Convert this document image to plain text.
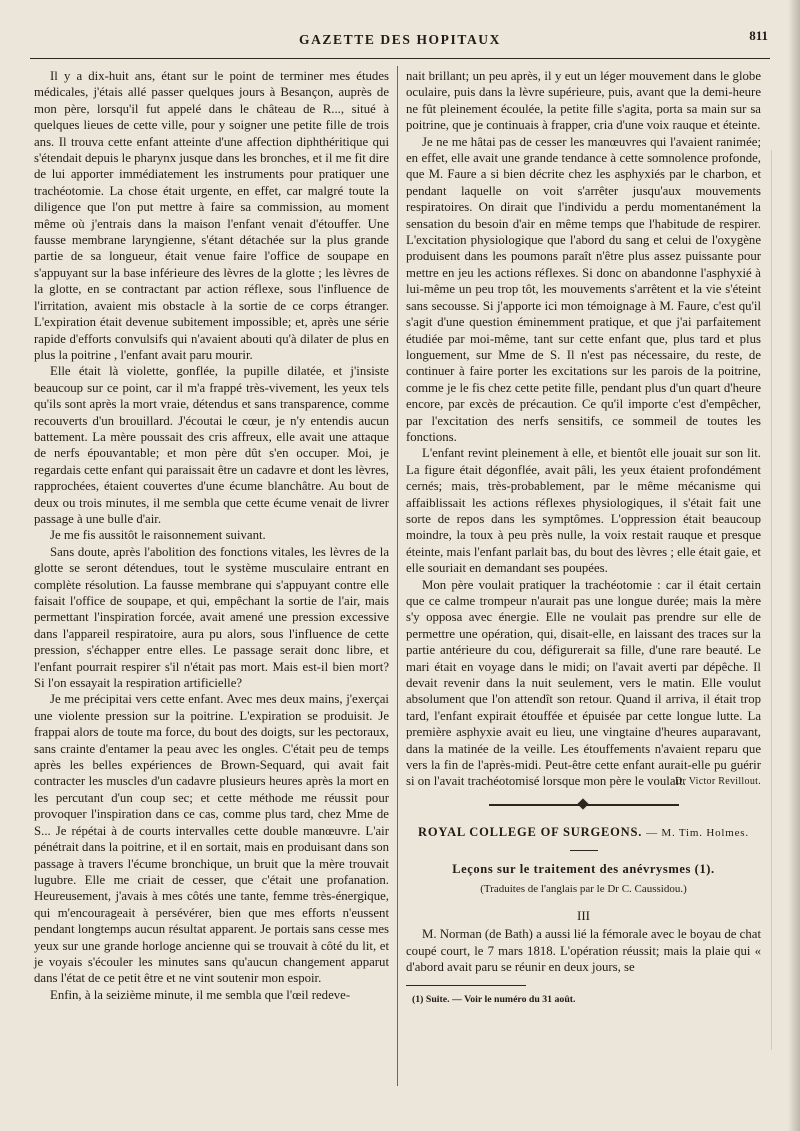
GAZETTE DES HOPITAUX	811

Il y a dix-huit ans, étant sur le point de terminer mes études médicales, j'étais allé passer quelques jours à Besançon, auprès de mon père, lorsqu'il fut appelé dans le château de R..., situé à quelques lieues de cette ville, pour y soigner une petite fille de trois ans. Il trouva cette enfant atteinte d'une affection diphthéritique qui s'étendait depuis le pharynx jusque dans les bronches, et il me fit dire de lui apporter immédiatement les instruments pour pratiquer une trachéotomie. La chose était urgente, en effet, car malgré toute la diligence que l'on put mettre à faire sa commission, au moment même où j'entrais dans la maison l'enfant venait d'étouffer. Une fausse membrane laryngienne, s'étant détachée sur la plus grande partie de sa longueur, était venue faire l'office de soupape en s'appuyant sur la base inférieure des lèvres de la glotte ; les lèvres de la glotte, en se contractant par action réflexe, sous l'influence de l'irritation, avaient mis obstacle à la sortie de ce corps étranger. L'expiration était devenue subitement impossible; et, après une série rapide d'efforts convulsifs qui n'avaient abouti qu'à dilater de plus en plus la poitrine , l'enfant avait paru mourir.

Elle était là violette, gonflée, la pupille dilatée, et j'insiste beaucoup sur ce point, car il m'a frappé très-vivement, les yeux tels qu'ils sont après la mort vraie, détendus et sans transparence, comme recouverts d'un brouillard. J'écoutai le cœur, je n'y entendis aucun battement. La mère poussait des cris affreux, elle avait une attaque de nerfs épouvantable; et mon père dût s'en occuper. Moi, je regardais cette enfant qui paraissait être un cadavre et dont les lèvres, rapprochées, étaient couvertes d'une écume blanchâtre. Au bout de deux ou trois minutes, il me sembla que cette écume venait de livrer passage à une bulle d'air.

Je me fis aussitôt le raisonnement suivant.

Sans doute, après l'abolition des fonctions vitales, les lèvres de la glotte se seront détendues, tout le système musculaire entrant en complète résolution. La fausse membrane qui s'appuyant contre elle faisait l'office de soupape, et qui, empêchant la sortie de l'air, mais permettant l'inspiration forcée, avait amené une pression excessive dans l'appareil respiratoire, aura pu alors, sous l'influence de cette pression, s'échapper entre elles. Le passage serait donc libre, et l'enfant pourrait respirer s'il n'était pas mort. Mais est-il bien mort? Si l'on essayait la respiration artificielle?

Je me précipitai vers cette enfant. Avec mes deux mains, j'exerçai une violente pression sur la poitrine. L'expiration se produisit. Je frappai alors de toute ma force, du bout des doigts, sur les pectoraux, sans crainte d'entamer la peau avec les ongles. C'était peu de temps après les belles expériences de Brown-Sequard, qui avait fait contracter les muscles d'un cadavre plusieurs heures après la mort en les percutant d'un coup sec; et cette méthode me réussit pour provoquer l'inspiration dans ce cas, comme plus tard, chez Mme de S... Je répétai à de courts intervalles cette double manœuvre. L'air pénétrait dans la poitrine, et il en sortait, mais en produisant dans son passage à travers l'écume bronchique, un bruit que la mère trouvait lugubre. Elle me criait de cesser, que c'était une profanation. Heureusement, j'avais à mes côtés une tante, femme très-énergique, qui m'encourageait à persévérer, bien que mes efforts n'eussent pendant longtemps aucun résultat apparent. Je portais sans cesse mes yeux sur une grande horloge ancienne qui se trouvait à côté du lit, et je voyais s'écouler les minutes sans qu'aucun changement apparut dans l'état de ce petit être et ne vint soutenir mon espoir.

Enfin, à la seizième minute, il me sembla que l'œil redeve-

nait brillant; un peu après, il y eut un léger mouvement dans le globe oculaire, puis dans la lèvre supérieure, puis, avant que la demi-heure ne fût pleinement écoulée, la petite fille s'agita, porta sa main sur sa poitrine, que je continuais à frapper, cria d'une voix rauque et éteinte.

Je ne me hâtai pas de cesser les manœuvres qui l'avaient ranimée; en effet, elle avait une grande tendance à cette somnolence profonde, que M. Faure a si bien décrite chez les asphyxiés par le charbon, et pendant laquelle on voit s'arrêter jusqu'aux mouvements respiratoires. On dirait que l'individu a perdu momentanément la sensation du besoin d'air en même temps que l'habitude de respirer. L'excitation physiologique que l'abord du sang et celui de l'oxygène produisent dans les poumons paraît n'être plus assez puissante pour mettre en jeu les actions réflexes. Si donc on abandonne l'asphyxié à lui-même un peu trop tôt, les mouvements s'arrêtent et la vie s'éteint sans secousse. Si j'apporte ici mon témoignage à M. Faure, c'est qu'il s'agit d'une question éminemment pratique, et que j'ai parfaitement étudiée par moi-même, tant sur cette enfant que, plus tard et plus longuement, sur Mme de S. Il n'est pas nécessaire, du reste, de continuer à faire porter les excitations sur les parois de la poitrine, comme je le fis chez cette petite fille, pendant plus d'un quart d'heure encore, par excès de précaution. Ce qu'il importe c'est d'empêcher, par l'excitation des nerfs sensitifs, ce sommeil de toutes les fonctions.

L'enfant revint pleinement à elle, et bientôt elle jouait sur son lit. La figure était dégonflée, avait pâli, les yeux étaient profondément cernés; mais, très-probablement, par le même mécanisme qui affaiblissait les actions réflexes physiologiques, il s'était fait une sorte de repos dans les symptômes. L'oppression était beaucoup moindre, la toux à peu près nulle, la voix restait rauque et presque éteinte, mais l'enfant parlait bas, du bout des lèvres ; elle était gaie, et elle souriait en demandant ses poupées.

Mon père voulait pratiquer la trachéotomie : car il était certain que ce calme trompeur n'aurait pas une longue durée; mais la mère s'y opposa avec énergie. Elle ne voulait pas prendre sur elle de permettre une opération, qui, disait-elle, en laissant des traces sur la partie antérieure du cou, défigurerait sa fille, d'une rare beauté. Le mari était en voyage dans le midi; on l'avait averti par dépêche. Il devait revenir dans la nuit seulement, vers le matin. Elle voulut absolument que l'on attendît son retour. Quand il arriva, il était trop tard, l'enfant expirait étouffée et épuisée par cette longue lutte. La première asphyxie avait eu lieu, une vingtaine d'heures auparavant, dans la matinée de la veille. Les étouffements n'avaient reparu que vers la fin de l'après-midi. Peut-être cette enfant aurait-elle pu guérir si on l'avait trachéotomisé lorsque mon père le voulait.

Dr Victor Revillout.
ROYAL COLLEGE OF SURGEONS. — M. Tim. Holmes.
Leçons sur le traitement des anévrysmes (1).
(Traduites de l'anglais par le Dr C. Caussidou.)
III

M. Norman (de Bath) a aussi lié la fémorale avec le boyau de chat coupé court, le 7 mars 1818. L'opération réussit; mais la plaie qui « d'abord avait paru se réunir en deux jours, se

(1) Suite. — Voir le numéro du 31 août.
